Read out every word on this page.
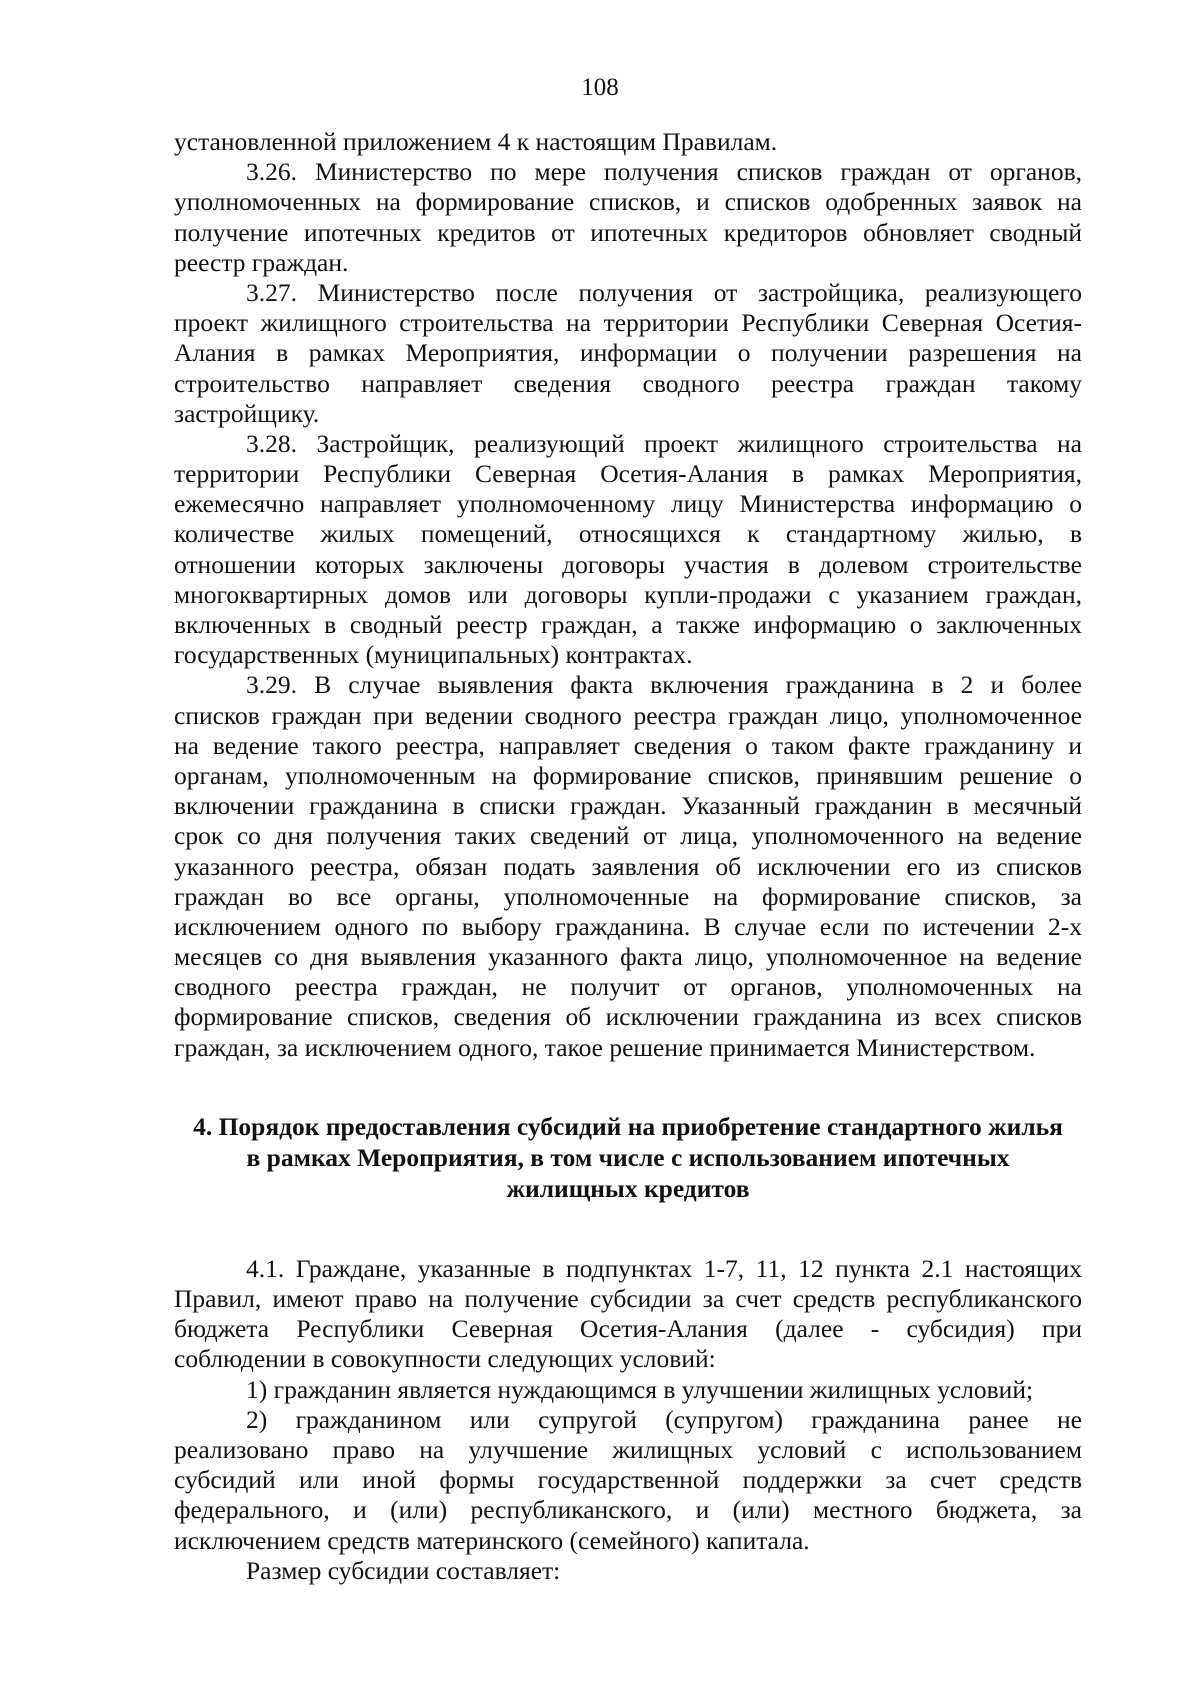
108
установленной приложением 4 к настоящим Правилам.
3.26. Министерство по мере получения списков граждан от органов,
уполномоченных на формирование списков, и списков одобренных заявок на
получение ипотечных кредитов от ипотечных кредиторов обновляет сводный
реестр граждан.
3.27. Министерство после получения от застройщика, реализующего
проект жилищного строительства на территории Республики Северная Осетия-
Алания в рамках Мероприятия, информации о получении разрешения на
строительство направляет сведения сводного реестра граждан такому
застройщику.
3.28. Застройщик, реализующий проект жилищного строительства на
территории Республики Северная Осетия-Алания в рамках Мероприятия,
ежемесячно направляет уполномоченному лицу Министерства информацию о
количестве жилых помещений, относящихся к стандартному жилью, в
отношении которых заключены договоры участия в долевом строительстве
многоквартирных домов или договоры купли-продажи с указанием граждан,
включенных в сводный реестр граждан, а также информацию о заключенных
государственных (муниципальных) контрактах.
3.29. В случае выявления факта включения гражданина в 2 и более
списков граждан при ведении сводного реестра граждан лицо, уполномоченное
на ведение такого реестра, направляет сведения о таком факте гражданину и
органам, уполномоченным на формирование списков, принявшим решение о
включении гражданина в списки граждан. Указанный гражданин в месячный
срок со дня получения таких сведений от лица, уполномоченного на ведение
указанного реестра, обязан подать заявления об исключении его из списков
граждан во все органы, уполномоченные на формирование списков, за
исключением одного по выбору гражданина. В случае если по истечении 2-х
месяцев со дня выявления указанного факта лицо, уполномоченное на ведение
сводного реестра граждан, не получит от органов, уполномоченных на
формирование списков, сведения об исключении гражданина из всех списков
граждан, за исключением одного, такое решение принимается Министерством.
4. Порядок предоставления субсидий на приобретение стандартного жилья
в рамках Мероприятия, в том числе с использованием ипотечных
жилищных кредитов
4.1. Граждане, указанные в подпунктах 1-7, 11, 12 пункта 2.1 настоящих
Правил, имеют право на получение субсидии за счет средств республиканского
бюджета Республики Северная Осетия-Алания (далее - субсидия) при
соблюдении в совокупности следующих условий:
1) гражданин является нуждающимся в улучшении жилищных условий;
2) гражданином или супругой (супругом) гражданина ранее не
реализовано право на улучшение жилищных условий с использованием
субсидий или иной формы государственной поддержки за счет средств
федерального, и (или) республиканского, и (или) местного бюджета, за
исключением средств материнского (семейного) капитала.
Размер субсидии составляет:
